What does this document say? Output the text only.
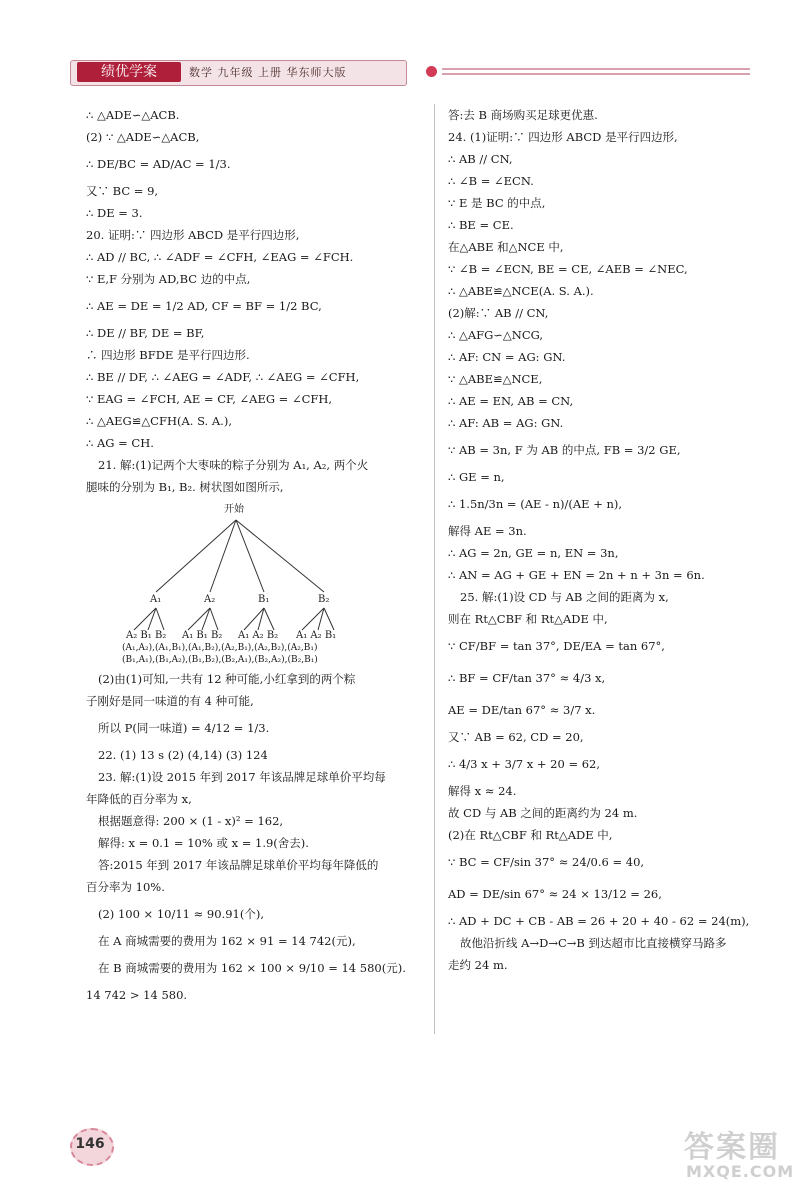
绩优学案	数学 九年级 上册 华东师大版
∴ △ADE∽△ACB.
(2) ∵ △ADE∽△ACB,
∴ DE/BC = AD/AC = 1/3.
又∵ BC = 9,
∴ DE = 3.
20. 证明:∵ 四边形 ABCD 是平行四边形,
∴ AD // BC, ∴ ∠ADF = ∠CFH, ∠EAG = ∠FCH.
∵ E,F 分别为 AD,BC 边的中点,
∴ AE = DE = 1/2 AD, CF = BF = 1/2 BC,
∴ DE // BF, DE = BF,
∴ 四边形 BFDE 是平行四边形.
∴ BE // DF, ∴ ∠AEG = ∠ADF, ∴ ∠AEG = ∠CFH,
∵ EAG = ∠FCH, AE = CF, ∠AEG = ∠CFH,
∴ △AEG≌△CFH(A. S. A.),
∴ AG = CH.
21. 解:(1)记两个大枣味的粽子分别为 A₁, A₂, 两个火
腿味的分别为 B₁, B₂. 树状图如图所示,
开始
A₁	A₂	B₁	B₂
A₂ B₁ B₂ A₁ B₁ B₂ A₁ A₂ B₂ A₁ A₂ B₁
(A₁,A₂),(A₁,B₁),(A₁,B₂),(A₂,B₁),(A₂,B₂),(A₂,B₁)
(B₁,A₁),(B₁,A₂),(B₁,B₂),(B₂,A₁),(B₂,A₂),(B₂,B₁)
(2)由(1)可知,一共有 12 种可能,小红拿到的两个粽
子刚好是同一味道的有 4 种可能,
所以 P(同一味道) = 4/12 = 1/3.
22. (1) 13 s (2) (4,14) (3) 124
23. 解:(1)设 2015 年到 2017 年该品牌足球单价平均每
年降低的百分率为 x,
根据题意得: 200 × (1 - x)² = 162,
解得: x = 0.1 = 10% 或 x = 1.9(舍去).
答:2015 年到 2017 年该品牌足球单价平均每年降低的
百分率为 10%.
(2) 100 × 10/11 ≈ 90.91(个),
在 A 商城需要的费用为 162 × 91 = 14 742(元),
在 B 商城需要的费用为 162 × 100 × 9/10 = 14 580(元).
14 742 > 14 580.
答:去 B 商场购买足球更优惠.
24. (1)证明:∵ 四边形 ABCD 是平行四边形,
∴ AB // CN,
∴ ∠B = ∠ECN.
∵ E 是 BC 的中点,
∴ BE = CE.
在△ABE 和△NCE 中,
∵ ∠B = ∠ECN, BE = CE, ∠AEB = ∠NEC,
∴ △ABE≌△NCE(A. S. A.).
(2)解:∵ AB // CN,
∴ △AFG∽△NCG,
∴ AF: CN = AG: GN.
∵ △ABE≌△NCE,
∴ AE = EN, AB = CN,
∴ AF: AB = AG: GN.
∵ AB = 3n, F 为 AB 的中点, FB = 3/2 GE,
∴ GE = n,
∴ 1.5n/3n = (AE - n)/(AE + n),
解得 AE = 3n.
∴ AG = 2n, GE = n, EN = 3n,
∴ AN = AG + GE + EN = 2n + n + 3n = 6n.
25. 解:(1)设 CD 与 AB 之间的距离为 x,
则在 Rt△CBF 和 Rt△ADE 中,
∵ CF/BF = tan 37°, DE/EA = tan 67°,
∴ BF = CF/tan 37° ≈ 4/3 x,
AE = DE/tan 67° ≈ 3/7 x.
又∵ AB = 62, CD = 20,
∴ 4/3 x + 3/7 x + 20 = 62,
解得 x ≈ 24.
故 CD 与 AB 之间的距离约为 24 m.
(2)在 Rt△CBF 和 Rt△ADE 中,
∵ BC = CF/sin 37° ≈ 24/0.6 = 40,
AD = DE/sin 67° ≈ 24 × 13/12 = 26,
∴ AD + DC + CB - AB = 26 + 20 + 40 - 62 = 24(m),
故他沿折线 A→D→C→B 到达超市比直接横穿马路多
走约 24 m.
146	答案圈
MXQE.COM
